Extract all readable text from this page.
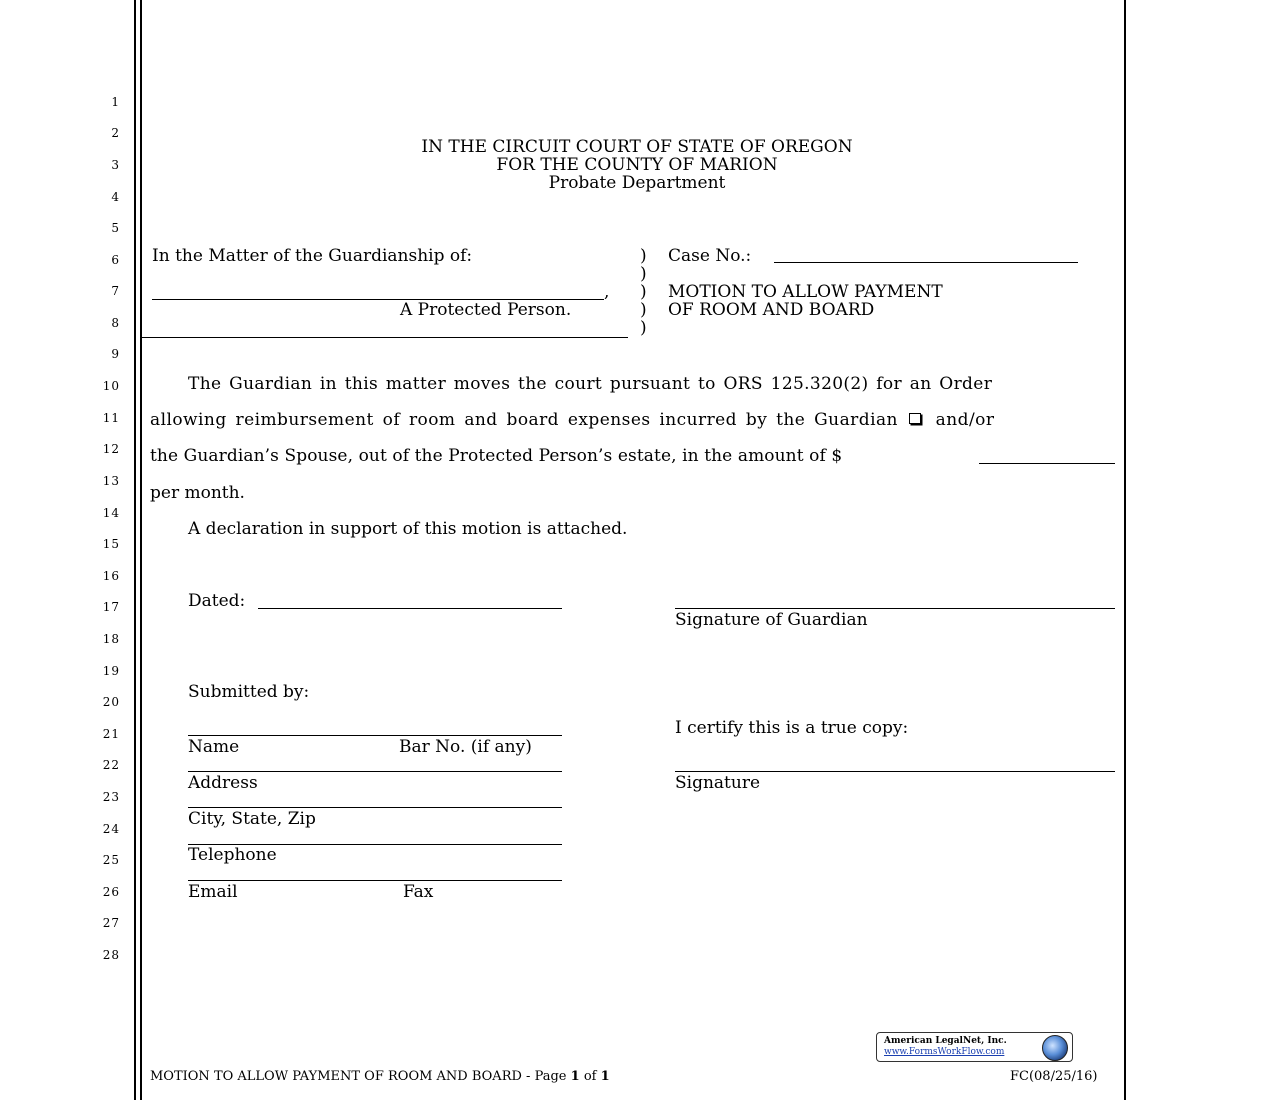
1
2
3
4
5
6
7
8
9
10
11
12
13
14
15
16
17
18
19
20
21
22
23
24
25
26
27
28
IN THE CIRCUIT COURT OF STATE OF OREGON
FOR THE COUNTY OF MARION
Probate Department
In the Matter of the Guardianship of:
,
A Protected Person.
)
)
)
)
)
Case No.:
MOTION TO ALLOW PAYMENT
OF ROOM AND BOARD
The Guardian in this matter moves the court pursuant to ORS 125.320(2) for an Order
allowing reimbursement of room and board expenses incurred by the Guardian and/or
the Guardian’s Spouse, out of the Protected Person’s estate, in the amount of $
per month.
A declaration in support of this motion is attached.
Dated:
Signature of Guardian
Submitted by:
Name	Bar No. (if any)
Address
City, State, Zip
Telephone
Email	Fax
I certify this is a true copy:
Signature
American LegalNet, Inc.
www.FormsWorkFlow.com
MOTION TO ALLOW PAYMENT OF ROOM AND BOARD - Page 1 of 1	FC(08/25/16)
